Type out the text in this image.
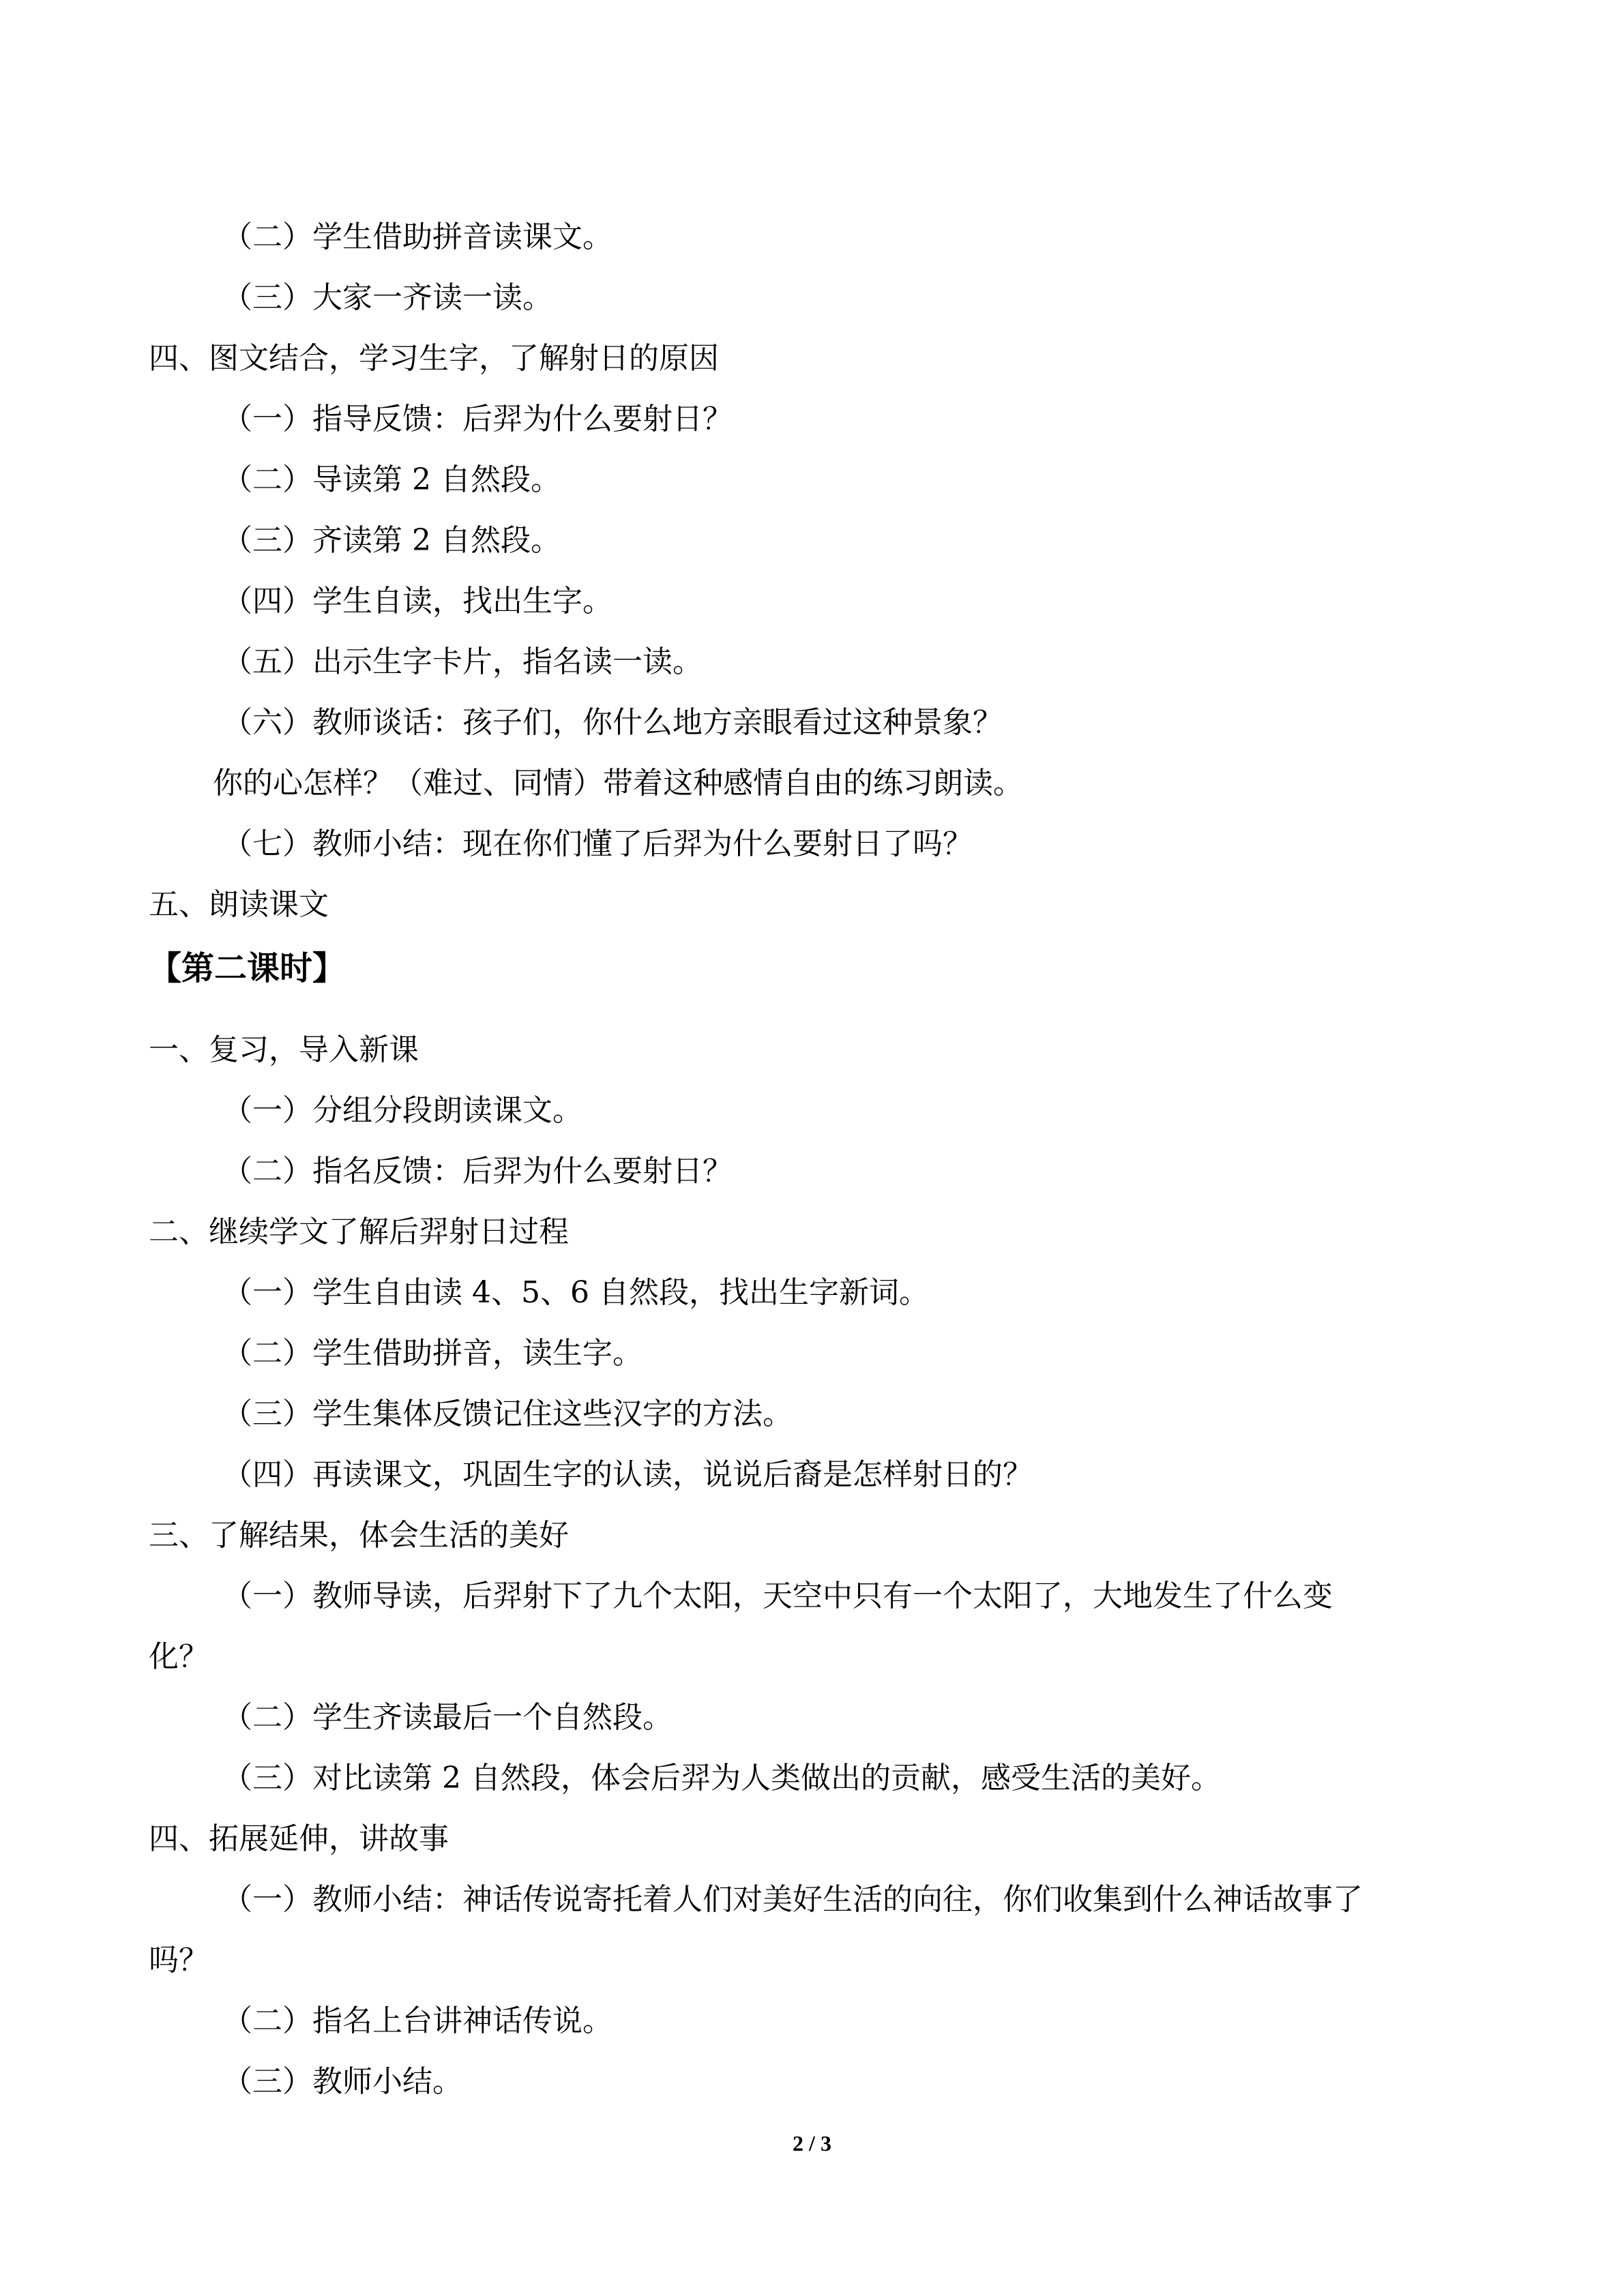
（二）学生借助拼音读课文。
（三）大家一齐读一读。
四、图文结合，学习生字，了解射日的原因
（一）指导反馈：后羿为什么要射日？
（二）导读第 2 自然段。
（三）齐读第 2 自然段。
（四）学生自读，找出生字。
（五）出示生字卡片，指名读一读。
（六）教师谈话：孩子们，你什么地方亲眼看过这种景象？
你的心怎样？（难过、同情）带着这种感情自由的练习朗读。
（七）教师小结：现在你们懂了后羿为什么要射日了吗？
五、朗读课文
【第二课时】
一、复习，导入新课
（一）分组分段朗读课文。
（二）指名反馈：后羿为什么要射日？
二、继续学文了解后羿射日过程
（一）学生自由读 4、5、6 自然段，找出生字新词。
（二）学生借助拼音，读生字。
（三）学生集体反馈记住这些汉字的方法。
（四）再读课文，巩固生字的认读，说说后裔是怎样射日的？
三、了解结果，体会生活的美好
（一）教师导读，后羿射下了九个太阳，天空中只有一个太阳了，大地发生了什么变
化？
（二）学生齐读最后一个自然段。
（三）对比读第 2 自然段，体会后羿为人类做出的贡献，感受生活的美好。
四、拓展延伸，讲故事
（一）教师小结：神话传说寄托着人们对美好生活的向往，你们收集到什么神话故事了
吗？
（二）指名上台讲神话传说。
（三）教师小结。
2 / 3
